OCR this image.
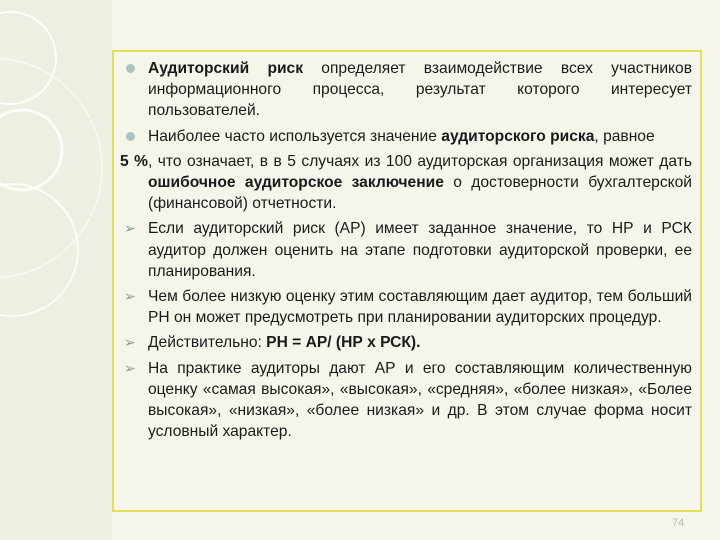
Аудиторский риск определяет взаимодействие всех участников информационного процесса, результат которого интересует пользователей.
Наиболее часто используется значение аудиторского риска, равное
5 %, что означает, в в 5 случаях из 100 аудиторская организация может дать ошибочное аудиторское заключение о достоверности бухгалтерской (финансовой) отчетности.
➢ Если аудиторский риск (АР) имеет заданное значение, то НР и РСК аудитор должен оценить на этапе подготовки аудиторской проверки, ее планирования.
➢ Чем более низкую оценку этим составляющим дает аудитор, тем больший РН он может предусмотреть при планировании аудиторских процедур.
➢ Действительно: РН = АР/ (НР х РСК).
➢ На практике аудиторы дают АР и его составляющим количественную оценку «самая высокая», «высокая», «средняя», «более низкая», «Более высокая», «низкая», «более низкая» и др. В этом случае форма носит условный характер.
74
